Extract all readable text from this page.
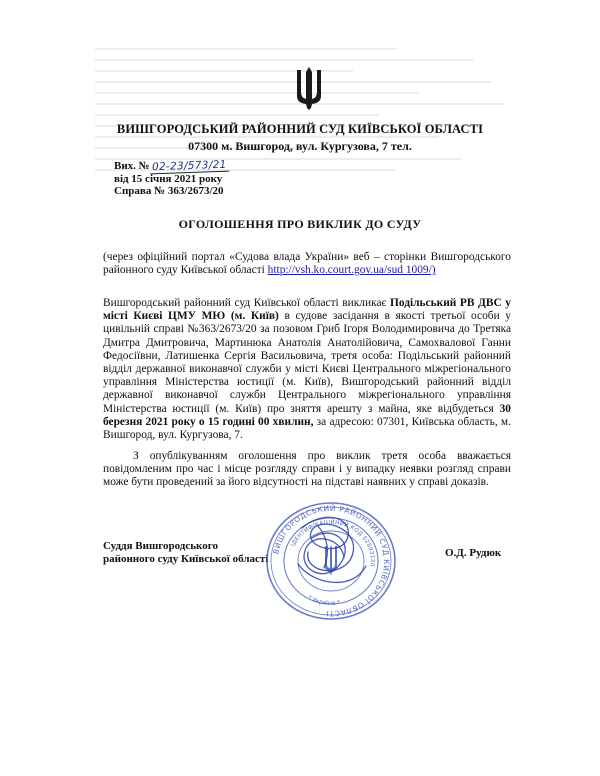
ВИШГОРОДСЬКИЙ РАЙОННИЙ СУД КИЇВСЬКОЇ ОБЛАСТІ
07300 м. Вишгород, вул. Кургузова, 7 тел.
Вих. № 02-23/573/21
від 15 січня 2021 року
Справа № 363/2673/20
ОГОЛОШЕННЯ ПРО ВИКЛИК ДО СУДУ

(через офіційний портал «Судова влада України» веб – сторінки Вишгородського районного суду Київської області http://vsh.ko.court.gov.ua/sud 1009/)

Вишгородський районний суд Київської області викликає Подільський РВ ДВС у місті Києві ЦМУ МЮ (м. Київ) в судове засідання в якості третьої особи у цивільній справі №363/2673/20 за позовом Гриб Ігоря Володимировича до Третяка Дмитра Дмитровича, Мартинюка Анатолія Анатолійовича, Самохвалової Ганни Федосіївни, Латишенка Сергія Васильовича, третя особа: Подільський районний відділ державної виконавчої служби у місті Києві Центрального міжрегіонального управління Міністерства юстиції (м. Київ), Вишгородський районний відділ державної виконавчої служби Центрального міжрегіонального управління Міністерства юстиції (м. Київ) про зняття арешту з майна, яке відбудеться 30 березня 2021 року о 15 годині 00 хвилин, за адресою: 07301, Київська область, м. Вишгород, вул. Кургузова, 7.

З опублікуванням оголошення про виклик третя особа вважається повідомленим про час і місце розгляду справи і у випадку неявки розгляд справи може бути проведений за його відсутності на підставі наявних у справі доказів.

Суддя Вишгородського
районного суду Київської області	О.Д. Рудюк
ВИШГОРОДСЬКИЙ РАЙОННИЙ СУД КИЇВСЬКОЇ ОБЛАСТІ
ІДЕНТИФІКАЦІЙНИЙ КОД 02893120
* Україна *
